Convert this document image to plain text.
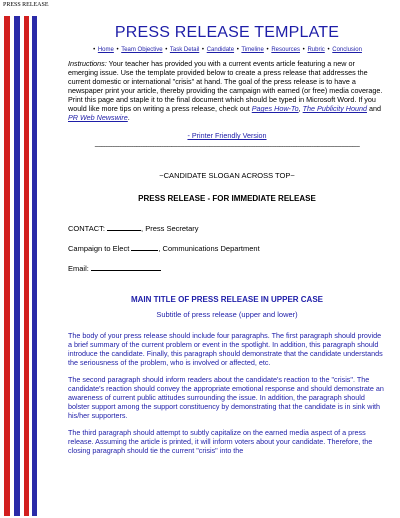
PRESS RELEASE
PRESS RELEASE TEMPLATE
• Home • Team Objective • Task Detail • Candidate • Timeline • Resources • Rubric • Conclusion
Instructions: Your teacher has provided you with a current events article featuring a new or emerging issue. Use the template provided below to create a press release that addresses the current domestic or international "crisis" at hand. The goal of the press release is to have a newspaper print your article, thereby providing the campaign with earned (or free) media coverage. Print this page and staple it to the final document which should be typed in Microsoft Word. If you would like more tips on writing a press release, check out Pages How-To, The Publicity Hound and PR Web Newswire.
- Printer Friendly Version
~~~~~~~~~~~~~~~~~~~~~~~~~~~~~~~~~~~~~~~~~~~~~~~~~~~~~~~~~~~~~~~~~~~~~~~~~~~~
~CANDIDATE SLOGAN ACROSS TOP~
PRESS RELEASE - FOR IMMEDIATE RELEASE
CONTACT:	, Press Secretary
Campaign to Elect	, Communications Department
Email:
MAIN TITLE OF PRESS RELEASE IN UPPER CASE
Subtitle of press release (upper and lower)
The body of your press release should include four paragraphs. The first paragraph should provide a brief summary of the current problem or event in the spotlight. In addition, this paragraph should introduce the candidate. Finally, this paragraph should demonstrate that the candidate understands the seriousness of the problem, who is involved or affected, etc.
The second paragraph should inform readers about the candidate's reaction to the "crisis". The candidate's reaction should convey the appropriate emotional response and should demonstrate an awareness of current public attitudes surrounding the issue. In addition, the paragraph should bolster support among the support constituency by demonstrating that the candidate is in sink with his/her supporters.
The third paragraph should attempt to subtly capitalize on the earned media aspect of a press release. Assuming the article is printed, it will inform voters about your candidate. Therefore, the closing paragraph should tie the current "crisis" into the
